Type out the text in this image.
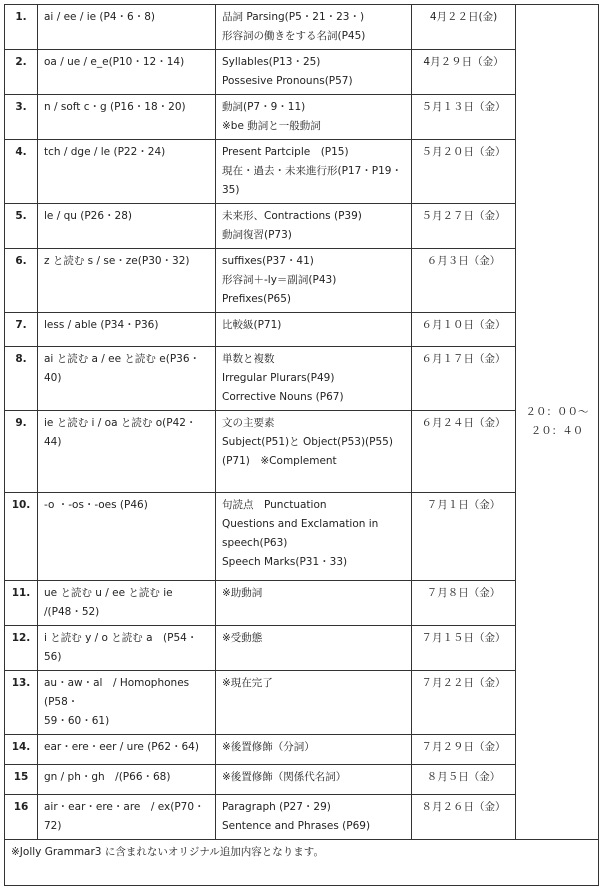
1.	ai / ee / ie (P4・6・8)	品詞 Parsing(P5・21・23・)
形容詞の働きをする名詞(P45)	4月２２日(金)	２０：００～
２０：４０

2.	oa / ue / e_e(P10・12・14)	Syllables(P13・25)
Possesive Pronouns(P57)	4月２９日（金）	
3.	n / soft c・g (P16・18・20)	動詞(P7・9・11)
※be 動詞と一般動詞	５月１３日（金）	
4.	tch / dge / le (P22・24)	Present Partciple　(P15)
現在・過去・未来進行形(P17・P19・
35)	５月２０日（金）	
5.	le / qu (P26・28)	未来形、Contractions (P39)
動詞復習(P73)	５月２７日（金）	
6.	z と読む s / se・ze(P30・32)	suffixes(P37・41)
形容詞＋-ly＝副詞(P43)
Prefixes(P65)	６月３日（金）	
7.	less / able (P34・P36)	比較級(P71)	６月１０日（金）	
8.	ai と読む a / ee と読む e(P36・40)	単数と複数
Irregular Plurars(P49)
Corrective Nouns (P67)	６月１７日（金）	
9.	ie と読む i / oa と読む o(P42・44)	文の主要素
Subject(P51)と Object(P53)(P55)
(P71)　※Complement	６月２４日（金）	
10.	-o ・-os・-oes (P46)	句読点　Punctuation
Questions and Exclamation in
speech(P63)
Speech Marks(P31・33)	７月１日（金）	
11.	ue と読む u / ee と読む ie /(P48・52)	※助動詞	７月８日（金）	
12.	i と読む y / o と読む a　(P54・56)	※受動態	７月１５日（金）	
13.	au・aw・al　/ Homophones (P58・
59・60・61)	※現在完了	７月２２日（金）	
14.	ear・ere・eer / ure (P62・64)	※後置修飾（分詞）	７月２９日（金）	
15	gn / ph・gh　/(P66・68)	※後置修飾（関係代名詞）	８月５日（金）	
16	air・ear・ere・are　/ ex(P70・72)	Paragraph (P27・29)
Sentence and Phrases (P69)	８月２６日（金）	
※Jolly Grammar3 に含まれないオリジナル追加内容となります。				
